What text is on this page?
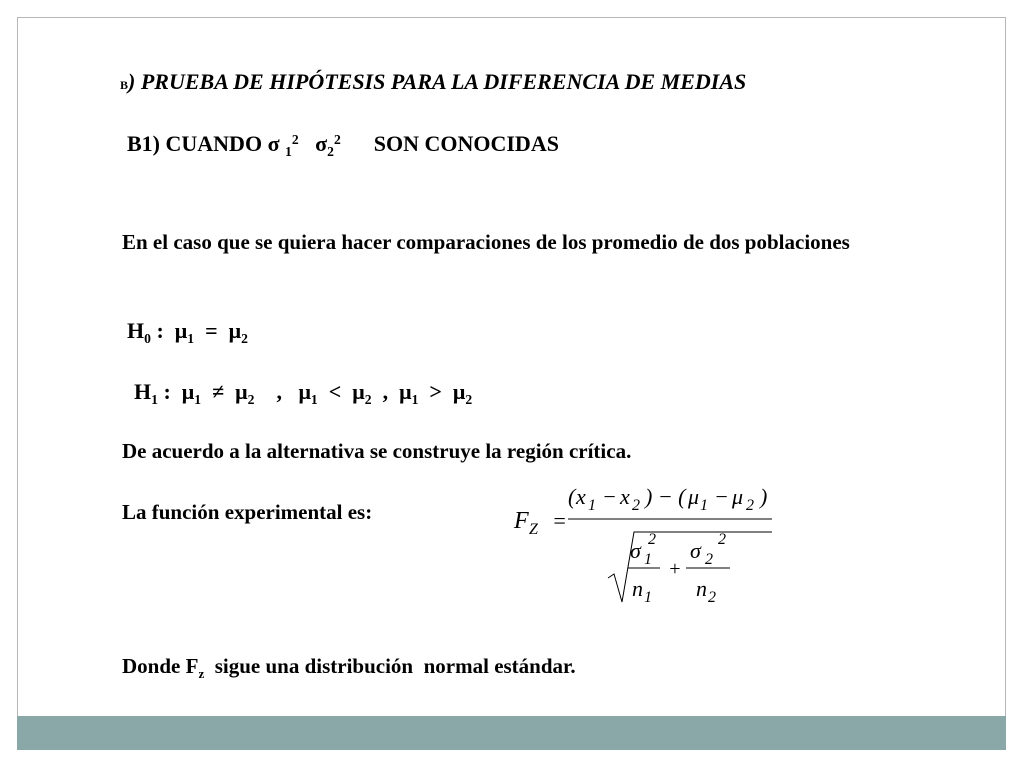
B) PRUEBA DE HIPÓTESIS PARA LA DIFERENCIA DE MEDIAS
B1) CUANDO σ $_1^2$ $\sigma_2^2$ SON CONOCIDAS
En el caso que se quiera hacer comparaciones de los promedio de dos poblaciones
$H_0$ :  $\mu_1 = \mu_2$
$H_1$ :  $\mu_1 \ne \mu_2$    ,   $\mu_1 < \mu_2$  ,  $\mu_1 > \mu_2$
De acuerdo a la alternativa se construye la región crítica.
La función experimental es:	F Z =
( x 1 − x 2 ) − ( μ 1 − μ 2 )
σ 1
2
n 1
+
σ 2
2
n 2
Donde $F_z$  sigue una distribución  normal estándar.
